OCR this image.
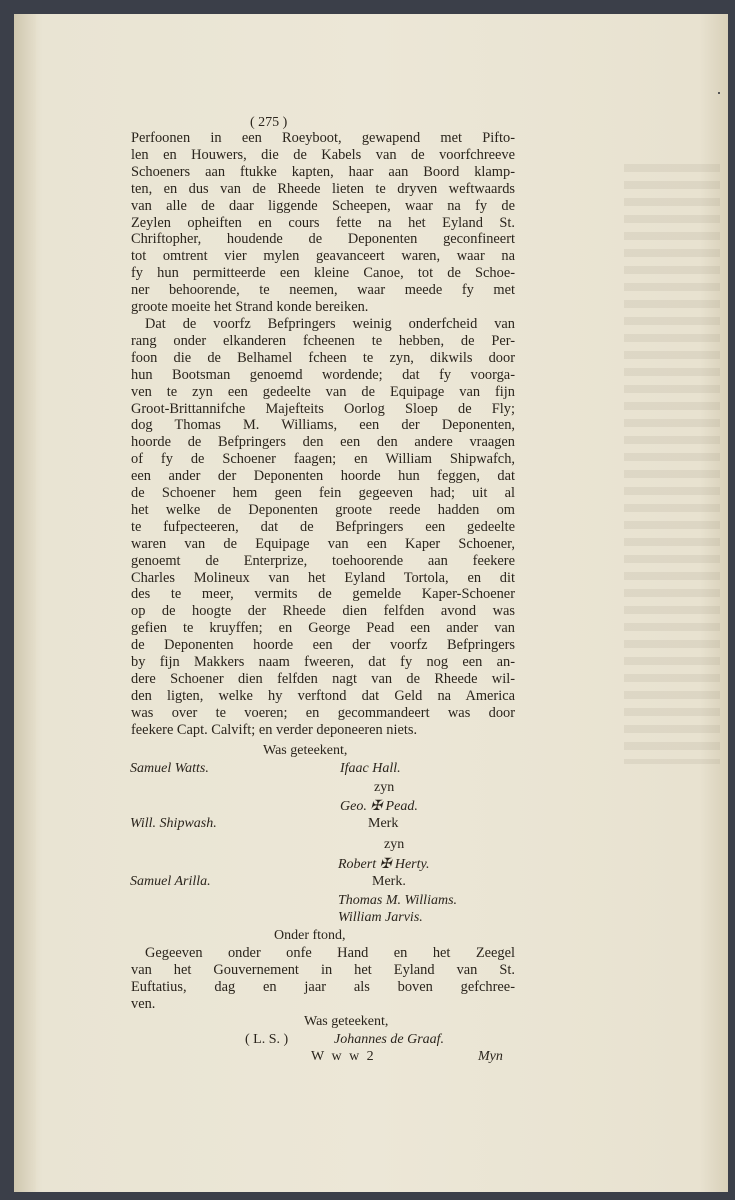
( 275 )
Perfoonen in een Roeyboot, gewapend met Pifto-
len en Houwers, die de Kabels van de voorfchreeve
Schoeners aan ftukke kapten, haar aan Boord klamp-
ten, en dus van de Rheede lieten te dryven weftwaards
van alle de daar liggende Scheepen, waar na fy de
Zeylen opheiften en cours fette na het Eyland St.
Chriftopher, houdende de Deponenten geconfineert
tot omtrent vier mylen geavanceert waren, waar na
fy hun permitteerde een kleine Canoe, tot de Schoe-
ner behoorende, te neemen, waar meede fy met
groote moeite het Strand konde bereiken.
Dat de voorfz Befpringers weinig onderfcheid van
rang onder elkanderen fcheenen te hebben, de Per-
foon die de Belhamel fcheen te zyn, dikwils door
hun Bootsman genoemd wordende; dat fy voorga-
ven te zyn een gedeelte van de Equipage van fijn
Groot-Brittannifche Majefteits Oorlog Sloep de Fly;
dog Thomas M. Williams, een der Deponenten,
hoorde de Befpringers den een den andere vraagen
of fy de Schoener faagen; en William Shipwafch,
een ander der Deponenten hoorde hun feggen, dat
de Schoener hem geen fein gegeeven had; uit al
het welke de Deponenten groote reede hadden om
te fufpecteeren, dat de Befpringers een gedeelte
waren van de Equipage van een Kaper Schoener,
genoemt de Enterprize, toehoorende aan feekere
Charles Molineux van het Eyland Tortola, en dit
des te meer, vermits de gemelde Kaper-Schoener
op de hoogte der Rheede dien felfden avond was
gefien te kruyffen; en George Pead een ander van
de Deponenten hoorde een der voorfz Befpringers
by fijn Makkers naam fweeren, dat fy nog een an-
dere Schoener dien felfden nagt van de Rheede wil-
den ligten, welke hy verftond dat Geld na America
was over te voeren; en gecommandeert was door
feekere Capt. Calvift; en verder deponeeren niets.
Was geteekent,
Samuel Watts.	Ifaac Hall.
zyn
Geo. ✠ Pead.
Will. Shipwash.	Merk
zyn
Robert ✠ Herty.
Samuel Arilla.	Merk.
Thomas M. Williams.
William Jarvis.
Onder ftond,
Gegeeven onder onfe Hand en het Zeegel
van het Gouvernement in het Eyland van St.
Euftatius, dag en jaar als boven gefchree-
ven.
Was geteekent,
( L. S. )	Johannes de Graaf.
W w w 2	Myn
